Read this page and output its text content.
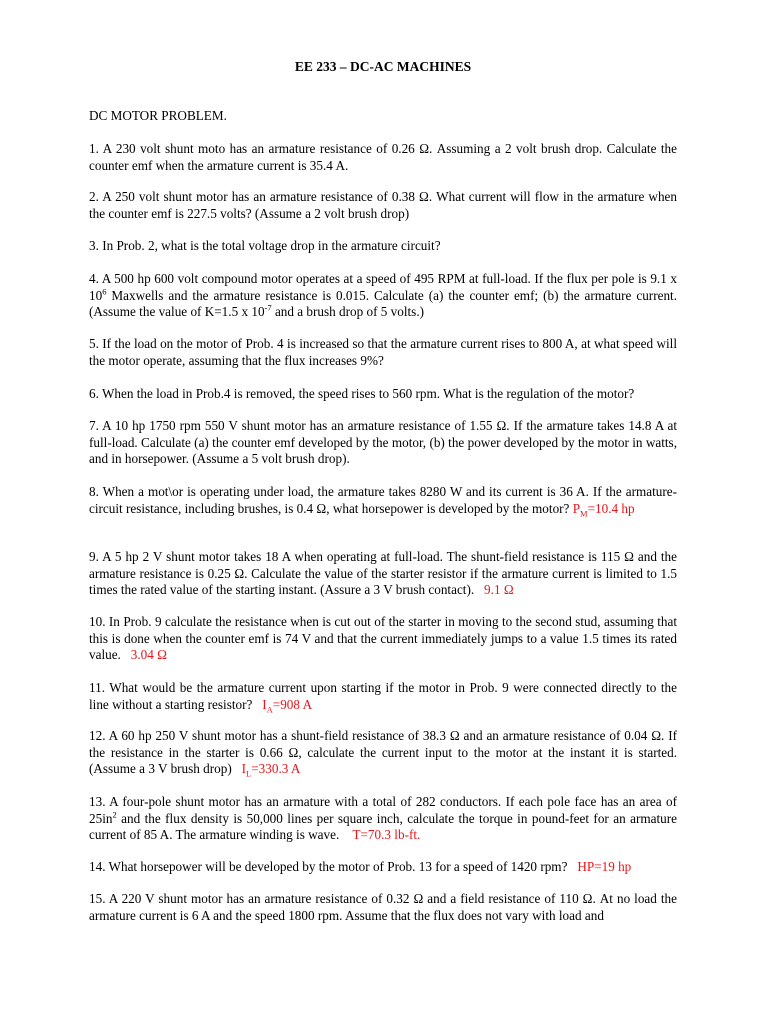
EE 233 – DC-AC MACHINES
DC MOTOR PROBLEM.
1. A 230 volt shunt moto has an armature resistance of 0.26 Ω. Assuming a 2 volt brush drop. Calculate the counter emf when the armature current is 35.4 A.
2. A 250 volt shunt motor has an armature resistance of 0.38 Ω. What current will flow in the armature when the counter emf is 227.5 volts? (Assume a 2 volt brush drop)
3. In Prob. 2, what is the total voltage drop in the armature circuit?
4. A 500 hp 600 volt compound motor operates at a speed of 495 RPM at full-load. If the flux per pole is 9.1 x $10^6$ Maxwells and the armature resistance is 0.015. Calculate (a) the counter emf; (b) the armature current. (Assume the value of K=1.5 x $10^{-7}$ and a brush drop of 5 volts.)
5. If the load on the motor of Prob. 4 is increased so that the armature current rises to 800 A, at what speed will the motor operate, assuming that the flux increases 9%?
6. When the load in Prob.4 is removed, the speed rises to 560 rpm. What is the regulation of the motor?
7. A 10 hp 1750 rpm 550 V shunt motor has an armature resistance of 1.55 Ω. If the armature takes 14.8 A at full-load. Calculate (a) the counter emf developed by the motor, (b) the power developed by the motor in watts, and in horsepower. (Assume a 5 volt brush drop).
8. When a mot\or is operating under load, the armature takes 8280 W and its current is 36 A. If the armature-circuit resistance, including brushes, is 0.4 Ω, what horsepower is developed by the motor? $P_M=10.4$ hp
9. A 5 hp 2 V shunt motor takes 18 A when operating at full-load. The shunt-field resistance is 115 Ω and the armature resistance is 0.25 Ω. Calculate the value of the starter resistor if the armature current is limited to 1.5 times the rated value of the starting instant. (Assure a 3 V brush contact). 9.1 Ω
10. In Prob. 9 calculate the resistance when is cut out of the starter in moving to the second stud, assuming that this is done when the counter emf is 74 V and that the current immediately jumps to a value 1.5 times its rated value. 3.04 Ω
11. What would be the armature current upon starting if the motor in Prob. 9 were connected directly to the line without a starting resistor? $I_A=908$ A
12. A 60 hp 250 V shunt motor has a shunt-field resistance of 38.3 Ω and an armature resistance of 0.04 Ω. If the resistance in the starter is 0.66 Ω, calculate the current input to the motor at the instant it is started. (Assume a 3 V brush drop) $I_L=330.3$ A
13. A four-pole shunt motor has an armature with a total of 282 conductors. If each pole face has an area of $25in^2$ and the flux density is 50,000 lines per square inch, calculate the torque in pound-feet for an armature current of 85 A. The armature winding is wave. T=70.3 lb-ft.
14. What horsepower will be developed by the motor of Prob. 13 for a speed of 1420 rpm? HP=19 hp
15. A 220 V shunt motor has an armature resistance of 0.32 Ω and a field resistance of 110 Ω. At no load the armature current is 6 A and the speed 1800 rpm. Assume that the flux does not vary with load and
